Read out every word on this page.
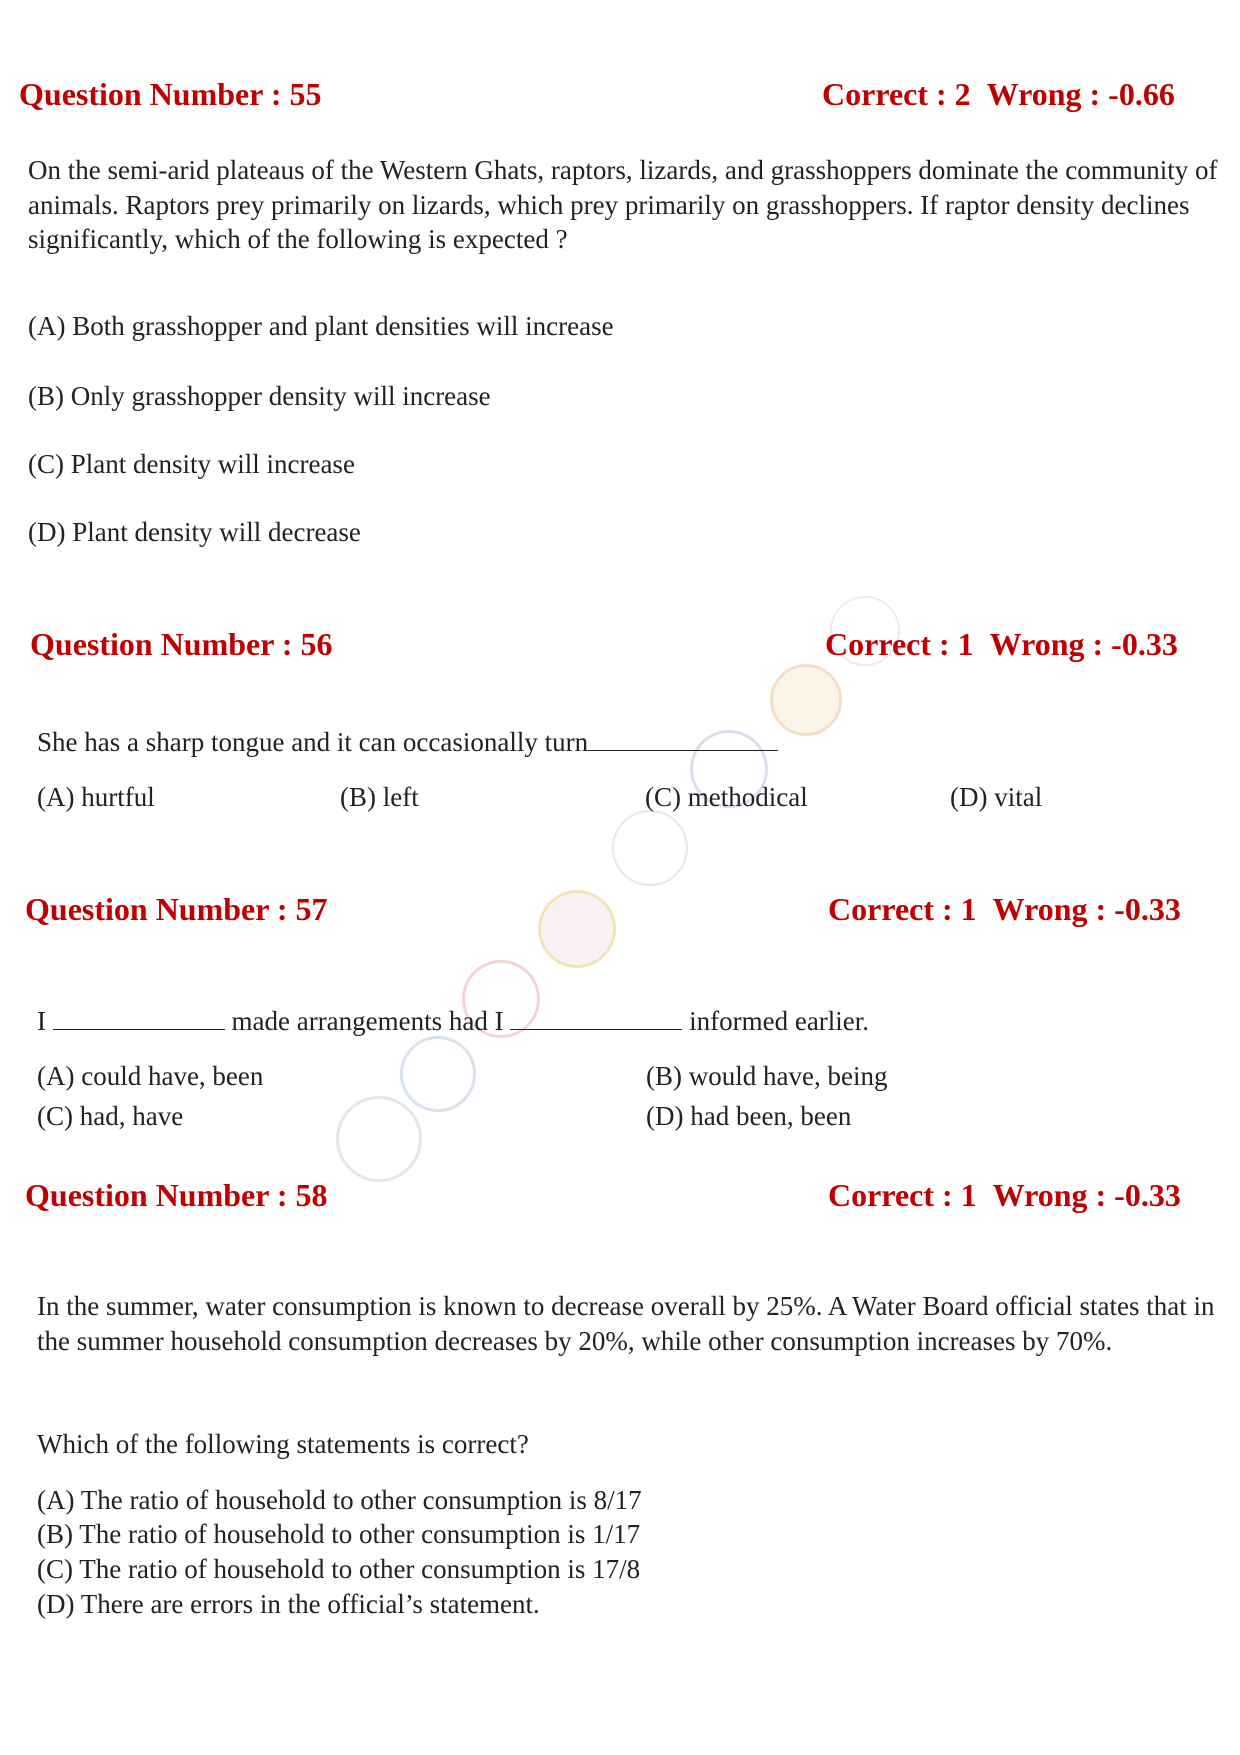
Question Number : 55	Correct : 2 Wrong : -0.66

On the semi-arid plateaus of the Western Ghats, raptors, lizards, and grasshoppers dominate the community of animals. Raptors prey primarily on lizards, which prey primarily on grasshoppers. If raptor density declines significantly, which of the following is expected ?

(A) Both grasshopper and plant densities will increase
(B) Only grasshopper density will increase
(C) Plant density will increase
(D) Plant density will decrease
Question Number : 56	Correct : 1 Wrong : -0.33
She has a sharp tongue and it can occasionally turn
(A) hurtful	(B) left	(C) methodical	(D) vital
Question Number : 57	Correct : 1 Wrong : -0.33
I	made arrangements had I	informed earlier.
(A) could have, been	(B) would have, being
(C) had, have	(D) had been, been
Question Number : 58	Correct : 1 Wrong : -0.33

In the summer, water consumption is known to decrease overall by 25%. A Water Board official states that in the summer household consumption decreases by 20%, while other consumption increases by 70%.

Which of the following statements is correct?
(A) The ratio of household to other consumption is 8/17
(B) The ratio of household to other consumption is 1/17
(C) The ratio of household to other consumption is 17/8
(D) There are errors in the official’s statement.
